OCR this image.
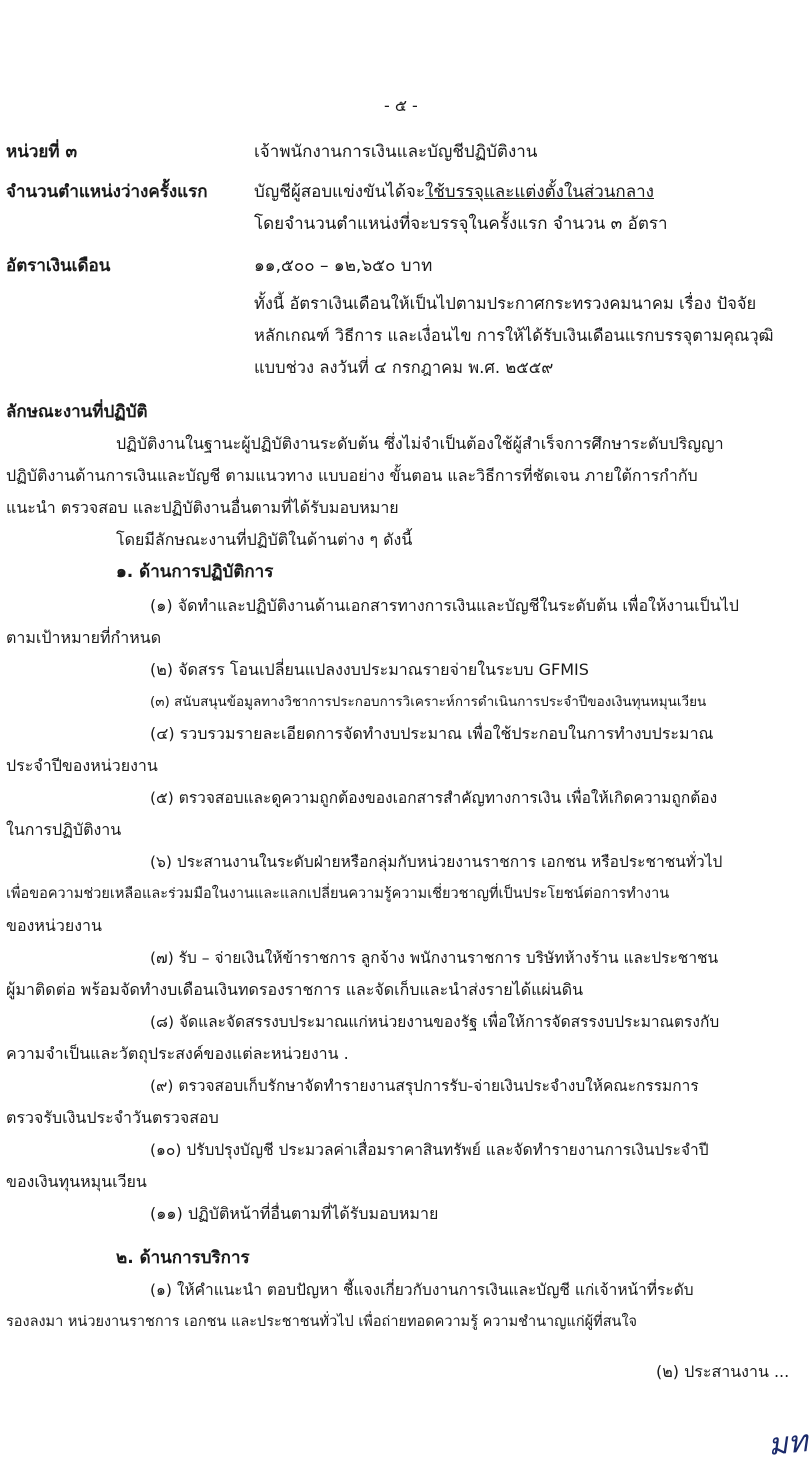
- ๕ -
หน่วยที่ ๓	เจ้าพนักงานการเงินและบัญชีปฏิบัติงาน
จำนวนตำแหน่งว่างครั้งแรก	บัญชีผู้สอบแข่งขันได้จะใช้บรรจุและแต่งตั้งในส่วนกลาง
โดยจำนวนตำแหน่งที่จะบรรจุในครั้งแรก จำนวน ๓ อัตรา
อัตราเงินเดือน	๑๑,๕๐๐ – ๑๒,๖๕๐ บาท
ทั้งนี้ อัตราเงินเดือนให้เป็นไปตามประกาศกระทรวงคมนาคม เรื่อง ปัจจัย
หลักเกณฑ์ วิธีการ และเงื่อนไข การให้ได้รับเงินเดือนแรกบรรจุตามคุณวุฒิ
แบบช่วง ลงวันที่ ๔ กรกฎาคม พ.ศ. ๒๕๕๙
ลักษณะงานที่ปฏิบัติ
ปฏิบัติงานในฐานะผู้ปฏิบัติงานระดับต้น ซึ่งไม่จำเป็นต้องใช้ผู้สำเร็จการศึกษาระดับปริญญา
ปฏิบัติงานด้านการเงินและบัญชี ตามแนวทาง แบบอย่าง ขั้นตอน และวิธีการที่ชัดเจน ภายใต้การกำกับ
แนะนำ ตรวจสอบ และปฏิบัติงานอื่นตามที่ได้รับมอบหมาย
โดยมีลักษณะงานที่ปฏิบัติในด้านต่าง ๆ ดังนี้
๑. ด้านการปฏิบัติการ
(๑) จัดทำและปฏิบัติงานด้านเอกสารทางการเงินและบัญชีในระดับต้น เพื่อให้งานเป็นไป
ตามเป้าหมายที่กำหนด
(๒) จัดสรร โอนเปลี่ยนแปลงงบประมาณรายจ่ายในระบบ GFMIS
(๓) สนับสนุนข้อมูลทางวิชาการประกอบการวิเคราะห์การดำเนินการประจำปีของเงินทุนหมุนเวียน
(๔) รวบรวมรายละเอียดการจัดทำงบประมาณ เพื่อใช้ประกอบในการทำงบประมาณ
ประจำปีของหน่วยงาน
(๕) ตรวจสอบและดูความถูกต้องของเอกสารสำคัญทางการเงิน เพื่อให้เกิดความถูกต้อง
ในการปฏิบัติงาน
(๖) ประสานงานในระดับฝ่ายหรือกลุ่มกับหน่วยงานราชการ เอกชน หรือประชาชนทั่วไป
เพื่อขอความช่วยเหลือและร่วมมือในงานและแลกเปลี่ยนความรู้ความเชี่ยวชาญที่เป็นประโยชน์ต่อการทำงาน
ของหน่วยงาน
(๗) รับ – จ่ายเงินให้ข้าราชการ ลูกจ้าง พนักงานราชการ บริษัทห้างร้าน และประชาชน
ผู้มาติดต่อ พร้อมจัดทำงบเดือนเงินทดรองราชการ และจัดเก็บและนำส่งรายได้แผ่นดิน
(๘) จัดและจัดสรรงบประมาณแก่หน่วยงานของรัฐ เพื่อให้การจัดสรรงบประมาณตรงกับ
ความจำเป็นและวัตถุประสงค์ของแต่ละหน่วยงาน .
(๙) ตรวจสอบเก็บรักษาจัดทำรายงานสรุปการรับ-จ่ายเงินประจำงบให้คณะกรรมการ
ตรวจรับเงินประจำวันตรวจสอบ
(๑๐) ปรับปรุงบัญชี ประมวลค่าเสื่อมราคาสินทรัพย์ และจัดทำรายงานการเงินประจำปี
ของเงินทุนหมุนเวียน
(๑๑) ปฏิบัติหน้าที่อื่นตามที่ได้รับมอบหมาย
๒. ด้านการบริการ
(๑) ให้คำแนะนำ ตอบปัญหา ชี้แจงเกี่ยวกับงานการเงินและบัญชี แก่เจ้าหน้าที่ระดับ
รองลงมา หน่วยงานราชการ เอกชน และประชาชนทั่วไป เพื่อถ่ายทอดความรู้ ความชำนาญแก่ผู้ที่สนใจ
(๒) ประสานงาน ...
มท
